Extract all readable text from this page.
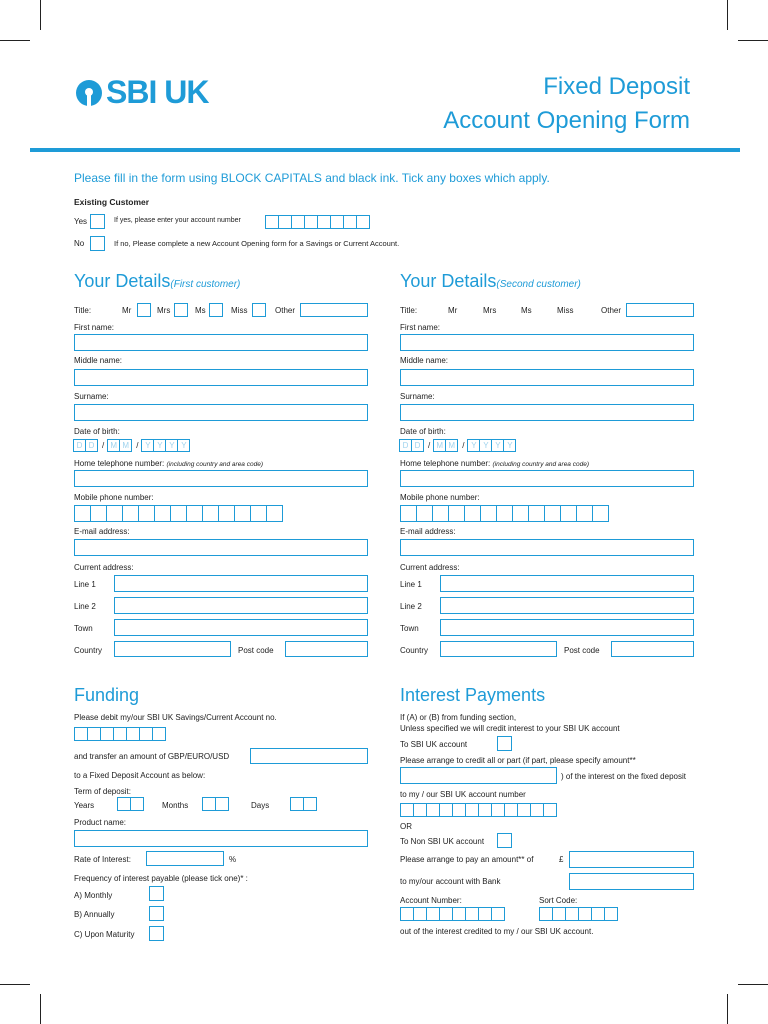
SBI UK	Fixed Deposit
Account Opening Form
Please fill in the form using BLOCK CAPITALS and black ink. Tick any boxes which apply.
Existing Customer
Yes	If yes, please enter your account number
No	If no, Please complete a new Account Opening form for a Savings or Current Account.
Your Details(First customer)
Title:	Mr	Mrs	Ms	Miss	Other
First name:
Middle name:
Surname:
Date of birth:
D D / M M / Y Y Y Y
Home telephone number: (including country and area code)
Mobile phone number:
E-mail address:
Current address:
Line 1
Line 2
Town
Country	Post code
Your Details(Second customer)
Title:	Mr	Mrs	Ms	Miss	Other
First name:
Middle name:
Surname:
Date of birth:
D D / M M / Y Y Y Y
Home telephone number: (including country and area code)
Mobile phone number:
E-mail address:
Current address:
Line 1
Line 2
Town
Country	Post code
Funding
Please debit my/our SBI UK Savings/Current Account no.
and transfer an amount of GBP/EURO/USD
to a Fixed Deposit Account as below:
Term of deposit:
Years	Months	Days
Product name:
Rate of Interest:	%
Frequency of interest payable (please tick one)* :
A) Monthly
B) Annually
C) Upon Maturity
Interest Payments
If (A) or (B) from funding section,
Unless specified we will credit interest to your SBI UK account
To SBI UK account
Please arrange to credit all or part (if part, please specify amount**
) of the interest on the fixed deposit
to my / our SBI UK account number
OR
To Non SBI UK account
Please arrange to pay an amount** of	£
to my/our account with Bank
Account Number:	Sort Code:
out of the interest credited to my / our SBI UK account.
